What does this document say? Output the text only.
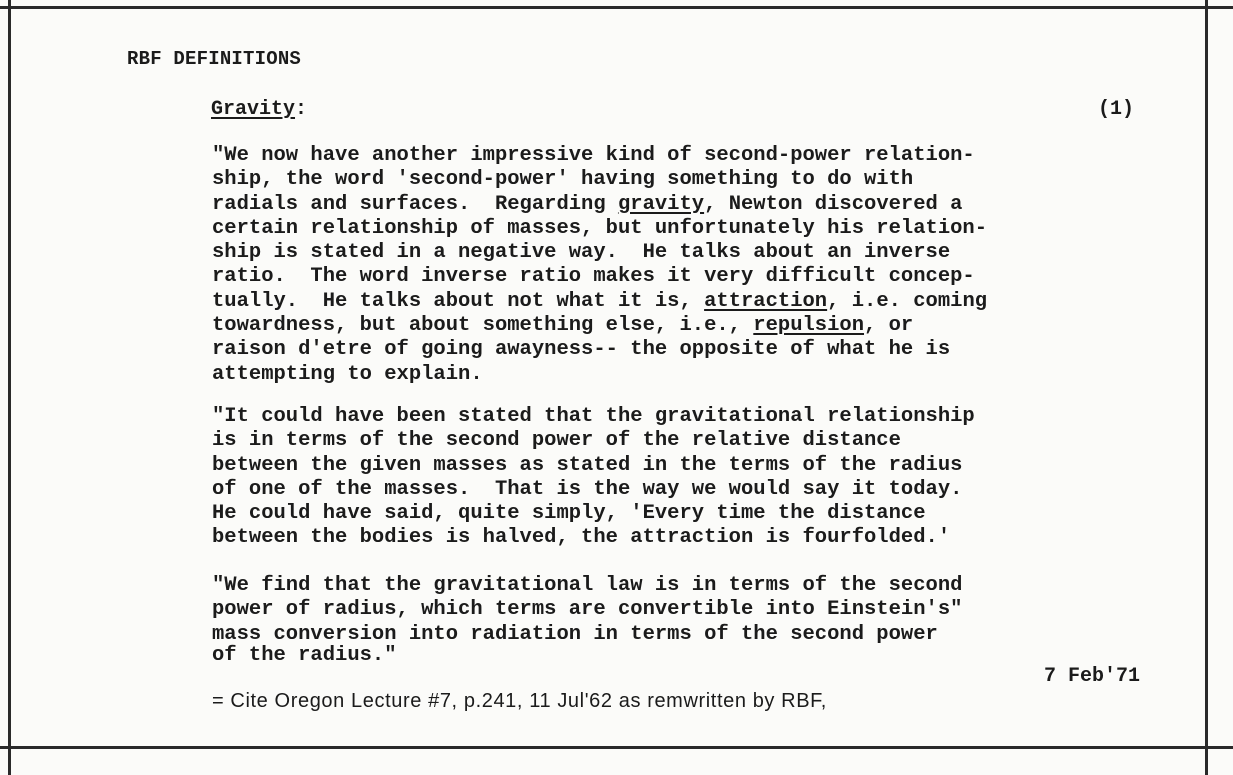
RBF DEFINITIONS
Gravity:	(1)

"We now have another impressive kind of second-power relation-
ship, the word 'second-power' having something to do with
radials and surfaces.  Regarding gravity, Newton discovered a
certain relationship of masses, but unfortunately his relation-
ship is stated in a negative way.  He talks about an inverse
ratio.  The word inverse ratio makes it very difficult concep-
tually.  He talks about not what it is, attraction, i.e. coming
towardness, but about something else, i.e., repulsion, or
raison d'etre of going awayness-- the opposite of what he is
attempting to explain.

"It could have been stated that the gravitational relationship
is in terms of the second power of the relative distance
between the given masses as stated in the terms of the radius
of one of the masses.  That is the way we would say it today.
He could have said, quite simply, 'Every time the distance
between the bodies is halved, the attraction is fourfolded.'

"We find that the gravitational law is in terms of the second
power of radius, which terms are convertible into Einstein's"
mass conversion into radiation in terms of the second power

of the radius."

7 Feb'71
= Cite Oregon Lecture #7, p.241, 11 Jul'62 as remwritten by RBF,
